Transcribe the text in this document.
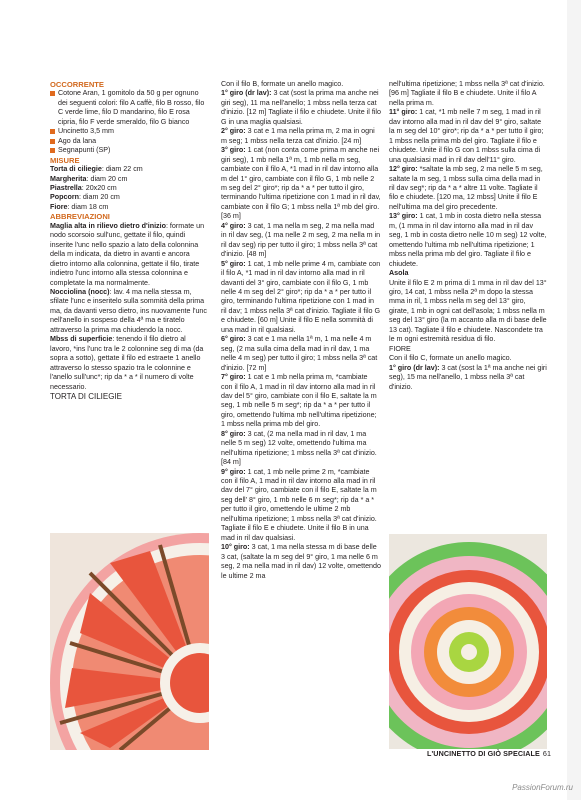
OCCORRENTE

Cotone Aran, 1 gomitolo da 50 g per ognuno dei seguenti colori: filo A caffè, filo B rosso, filo C verde lime, filo D mandarino, filo E rosa cipria, filo F verde smeraldo, filo G bianco

Uncinetto 3,5 mm

Ago da lana

Segnapunti (SP)

MISURE

Torta di ciliegie: diam 22 cm

Margherita: diam 20 cm

Piastrella: 20x20 cm

Popcorn: diam 20 cm

Fiore: diam 18 cm

ABBREVIAZIONI

Maglia alta in rilievo dietro d'inizio: formate un nodo scorsoio sull'unc, gettate il filo, quindi inserite l'unc nello spazio a lato della colonnina della m indicata, da dietro in avanti e ancora dietro intorno alla colonnina, gettate il filo, tirate indietro l'unc intorno alla stessa colonnina e completate la ma normalmente.

Nocciolina (nocc): lav. 4 ma nella stessa m, sfilate l'unc e inseritelo sulla sommità della prima ma, da davanti verso dietro, ins nuovamente l'unc nell'anello in sospeso della 4ª ma e tiratelo attraverso la prima ma chiudendo la nocc.

Mbss di superficie: tenendo il filo dietro al lavoro, *ins l'unc tra le 2 colonnine seg di ma (da sopra a sotto), gettate il filo ed estraete 1 anello attraverso lo stesso spazio tra le colonnine e l'anello sull'unc*; rip da * a * il numero di volte necessario.

TORTA DI CILIEGIE

Con il filo B, formate un anello magico.

1° giro (dr lav): 3 cat (sost la prima ma anche nei giri seg), 11 ma nell'anello; 1 mbss nella terza cat d'inizio. [12 m] Tagliate il filo e chiudete. Unite il filo G in una maglia qualsiasi.

2° giro: 3 cat e 1 ma nella prima m, 2 ma in ogni m seg; 1 mbss nella terza cat d'inizio. [24 m]

3° giro: 1 cat (non conta come prima m anche nei giri seg), 1 mb nella 1ª m, 1 mb nella m seg, cambiate con il filo A, *1 mad in ril dav intorno alla m del 1° giro, cambiate con il filo G, 1 mb nelle 2 m seg del 2° giro*; rip da * a * per tutto il giro, terminando l'ultima ripetizione con 1 mad in ril dav, cambiate con il filo G; 1 mbss nella 1ª mb del giro. [36 m]

4° giro: 3 cat, 1 ma nella m seg, 2 ma nella mad in ril dav seg, (1 ma nelle 2 m seg, 2 ma nella m in ril dav seg) rip per tutto il giro; 1 mbss nella 3ª cat d'inizio. [48 m]

5° giro: 1 cat, 1 mb nelle prime 4 m, cambiate con il filo A, *1 mad in ril dav intorno alla mad in ril davanti del 3° giro, cambiate con il filo G, 1 mb nelle 4 m seg del 2° giro*; rip da * a * per tutto il giro, terminando l'ultima ripetizione con 1 mad in ril dav; 1 mbss nella 3ª cat d'inizio. Tagliate il filo G e chiudete. [60 m] Unite il filo E nella sommità di una mad in ril qualsiasi.

6° giro: 3 cat e 1 ma nella 1ª m, 1 ma nelle 4 m seg, (2 ma sulla cima della mad in ril dav, 1 ma nelle 4 m seg) per tutto il giro; 1 mbss nella 3ª cat d'inizio. [72 m]

7° giro: 1 cat e 1 mb nella prima m, *cambiate con il filo A, 1 mad in ril dav intorno alla mad in ril dav del 5° giro, cambiate con il filo E, saltate la m seg, 1 mb nelle 5 m seg*; rip da * a * per tutto il giro, omettendo l'ultima mb nell'ultima ripetizione; 1 mbss nella prima mb del giro.

8° giro: 3 cat, (2 ma nella mad in ril dav, 1 ma nelle 5 m seg) 12 volte, omettendo l'ultima ma nell'ultima ripetizione; 1 mbss nella 3ª cat d'inizio. [84 m]

9° giro: 1 cat, 1 mb nelle prime 2 m, *cambiate con il filo A, 1 mad in ril dav intorno alla mad in ril dav del 7° giro, cambiate con il filo E, saltate la m seg dell' 8° giro, 1 mb nelle 6 m seg*; rip da * a * per tutto il giro, omettendo le ultime 2 mb nell'ultima ripetizione; 1 mbss nella 3ª cat d'inizio. Tagliate il filo E e chiudete. Unite il filo B in una mad in ril dav qualsiasi.

10° giro: 3 cat, 1 ma nella stessa m di base delle 3 cat, (saltate la m seg del 9° giro, 1 ma nelle 6 m seg, 2 ma nella mad in ril dav) 12 volte, omettendo le ultime 2 ma

nell'ultima ripetizione; 1 mbss nella 3ª cat d'inizio. [96 m] Tagliate il filo B e chiudete. Unite il filo A nella prima m.

11° giro: 1 cat, *1 mb nelle 7 m seg, 1 mad in ril dav intorno alla mad in ril dav del 9° giro, saltate la m seg del 10° giro*; rip da * a * per tutto il giro; 1 mbss nella prima mb del giro. Tagliate il filo e chiudete. Unite il filo G con 1 mbss sulla cima di una qualsiasi mad in ril dav dell'11° giro.

12° giro: *saltate la mb seg, 2 ma nelle 5 m seg, saltate la m seg, 1 mbss sulla cima della mad in ril dav seg*; rip da * a * altre 11 volte. Tagliate il filo e chiudete. [120 ma, 12 mbss] Unite il filo E nell'ultima ma del giro precedente.

13° giro: 1 cat, 1 mb in costa dietro nella stessa m, (1 mma in ril dav intorno alla mad in ril dav seg, 1 mb in costa dietro nelle 10 m seg) 12 volte, omettendo l'ultima mb nell'ultima ripetizione; 1 mbss nella prima mb del giro. Tagliate il filo e chiudete.

Asola

Unite il filo E 2 m prima di 1 mma in ril dav del 13° giro, 14 cat, 1 mbss nella 2ª m dopo la stessa mma in ril, 1 mbss nella m seg del 13° giro, girate, 1 mb in ogni cat dell'asola; 1 mbss nella m seg del 13° giro (la m accanto alla m di base delle 13 cat). Tagliate il filo e chiudete. Nascondete tra le m ogni estremità residua di filo.

FIORE

Con il filo C, formate un anello magico.

1° giro (dr lav): 3 cat (sost la 1ª ma anche nei giri seg), 15 ma nell'anello, 1 mbss nella 3ª cat d'inizio.

L'UNCINETTO DI GIÒ SPECIALE 61
PassionForum.ru
